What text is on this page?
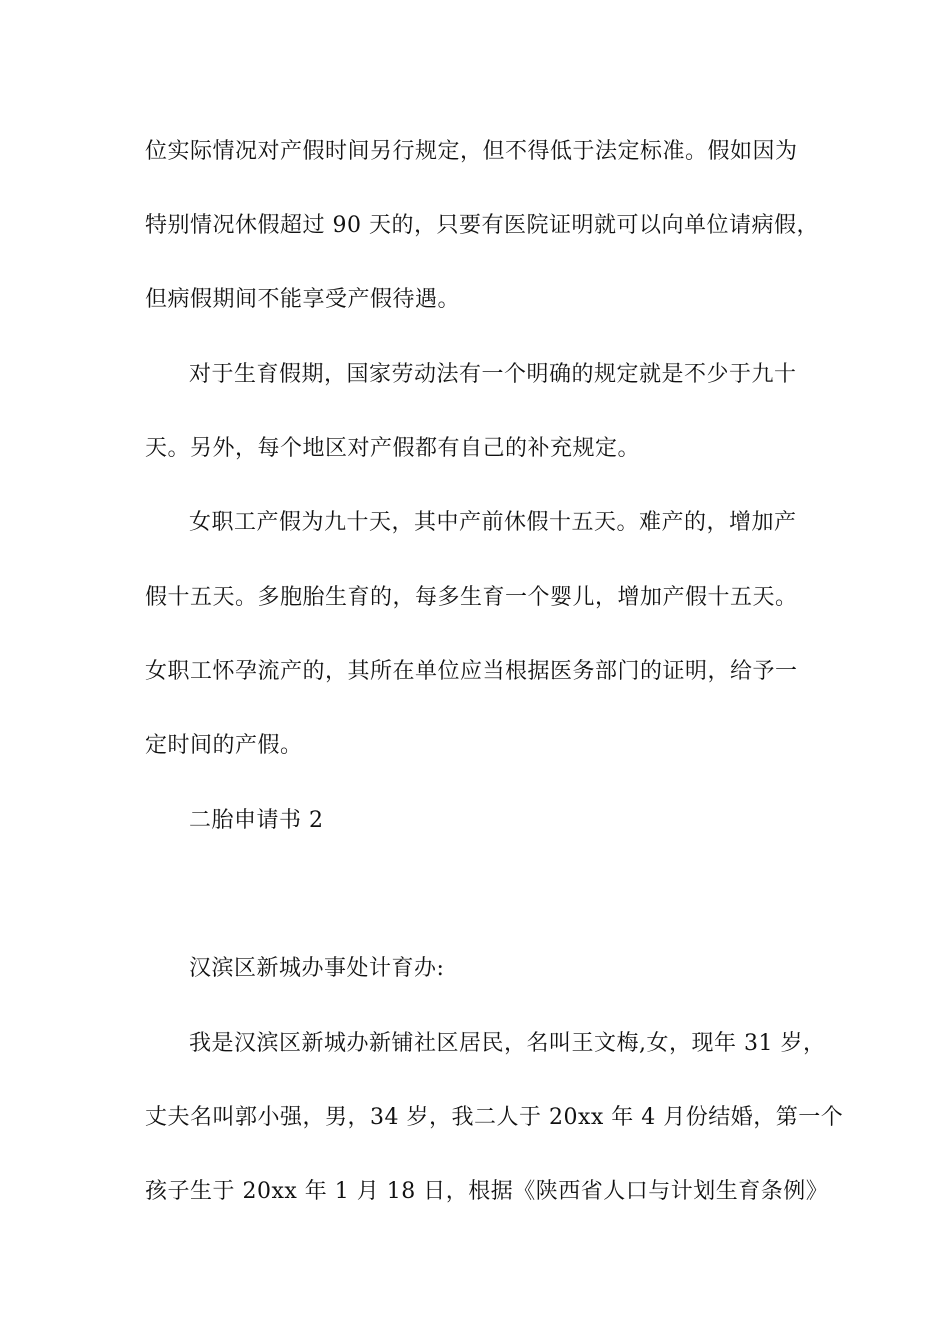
位实际情况对产假时间另行规定，但不得低于法定标准。假如因为
特别情况休假超过 90 天的，只要有医院证明就可以向单位请病假，
但病假期间不能享受产假待遇。
对于生育假期，国家劳动法有一个明确的规定就是不少于九十
天。另外，每个地区对产假都有自己的补充规定。
女职工产假为九十天，其中产前休假十五天。难产的，增加产
假十五天。多胞胎生育的，每多生育一个婴儿，增加产假十五天。
女职工怀孕流产的，其所在单位应当根据医务部门的证明，给予一
定时间的产假。
二胎申请书 2
汉滨区新城办事处计育办:
我是汉滨区新城办新铺社区居民，名叫王文梅,女，现年 31 岁，
丈夫名叫郭小强，男，34 岁，我二人于 20xx 年 4 月份结婚，第一个
孩子生于 20xx 年 1 月 18 日，根据《陕西省人口与计划生育条例》
